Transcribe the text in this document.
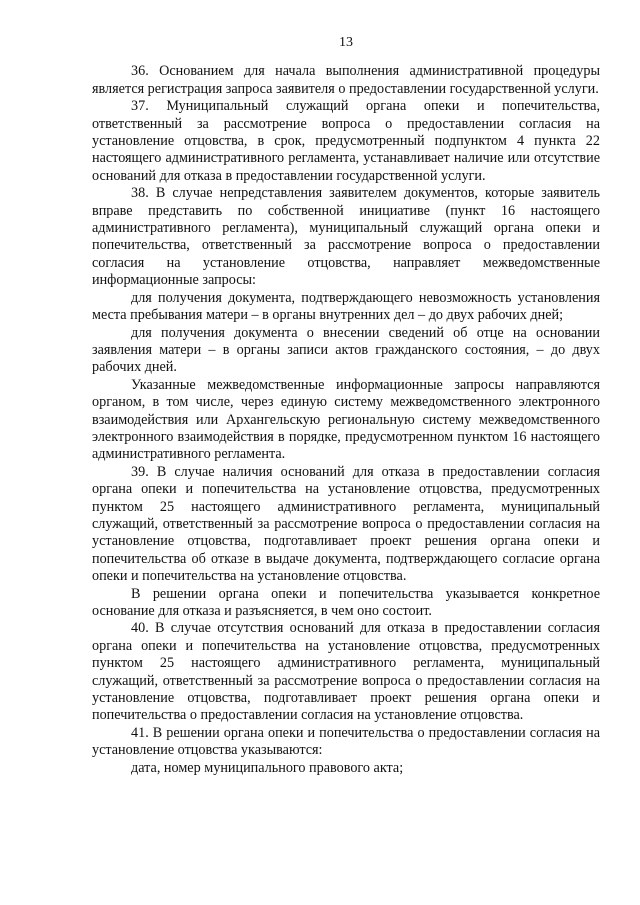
13

36. Основанием для начала выполнения административной процедуры является регистрация запроса заявителя о предоставлении государственной услуги.

37. Муниципальный служащий органа опеки и попечительства, ответственный за рассмотрение вопроса о предоставлении согласия на установление отцовства, в срок, предусмотренный подпунктом 4 пункта 22 настоящего административного регламента, устанавливает наличие или отсутствие оснований для отказа в предоставлении государственной услуги.

38. В случае непредставления заявителем документов, которые заявитель вправе представить по собственной инициативе (пункт 16 настоящего административного регламента), муниципальный служащий органа опеки и попечительства, ответственный за рассмотрение вопроса о предоставлении согласия на установление отцовства, направляет межведомственные информационные запросы:

для получения документа, подтверждающего невозможность установления места пребывания матери – в органы внутренних дел – до двух рабочих дней;

для получения документа о внесении сведений об отце на основании заявления матери – в органы записи актов гражданского состояния, – до двух рабочих дней.

Указанные межведомственные информационные запросы направляются органом, в том числе, через единую систему межведомственного электронного взаимодействия или Архангельскую региональную систему межведомственного электронного взаимодействия в порядке, предусмотренном пунктом 16 настоящего административного регламента.

39. В случае наличия оснований для отказа в предоставлении согласия органа опеки и попечительства на установление отцовства, предусмотренных пунктом 25 настоящего административного регламента, муниципальный служащий, ответственный за рассмотрение вопроса о предоставлении согласия на установление отцовства, подготавливает проект решения органа опеки и попечительства об отказе в выдаче документа, подтверждающего согласие органа опеки и попечительства на установление отцовства.

В решении органа опеки и попечительства указывается конкретное основание для отказа и разъясняется, в чем оно состоит.

40. В случае отсутствия оснований для отказа в предоставлении согласия органа опеки и попечительства на установление отцовства, предусмотренных пунктом 25 настоящего административного регламента, муниципальный служащий, ответственный за рассмотрение вопроса о предоставлении согласия на установление отцовства, подготавливает проект решения органа опеки и попечительства о предоставлении согласия на установление отцовства.

41. В решении органа опеки и попечительства о предоставлении согласия на установление отцовства указываются:

дата, номер муниципального правового акта;
